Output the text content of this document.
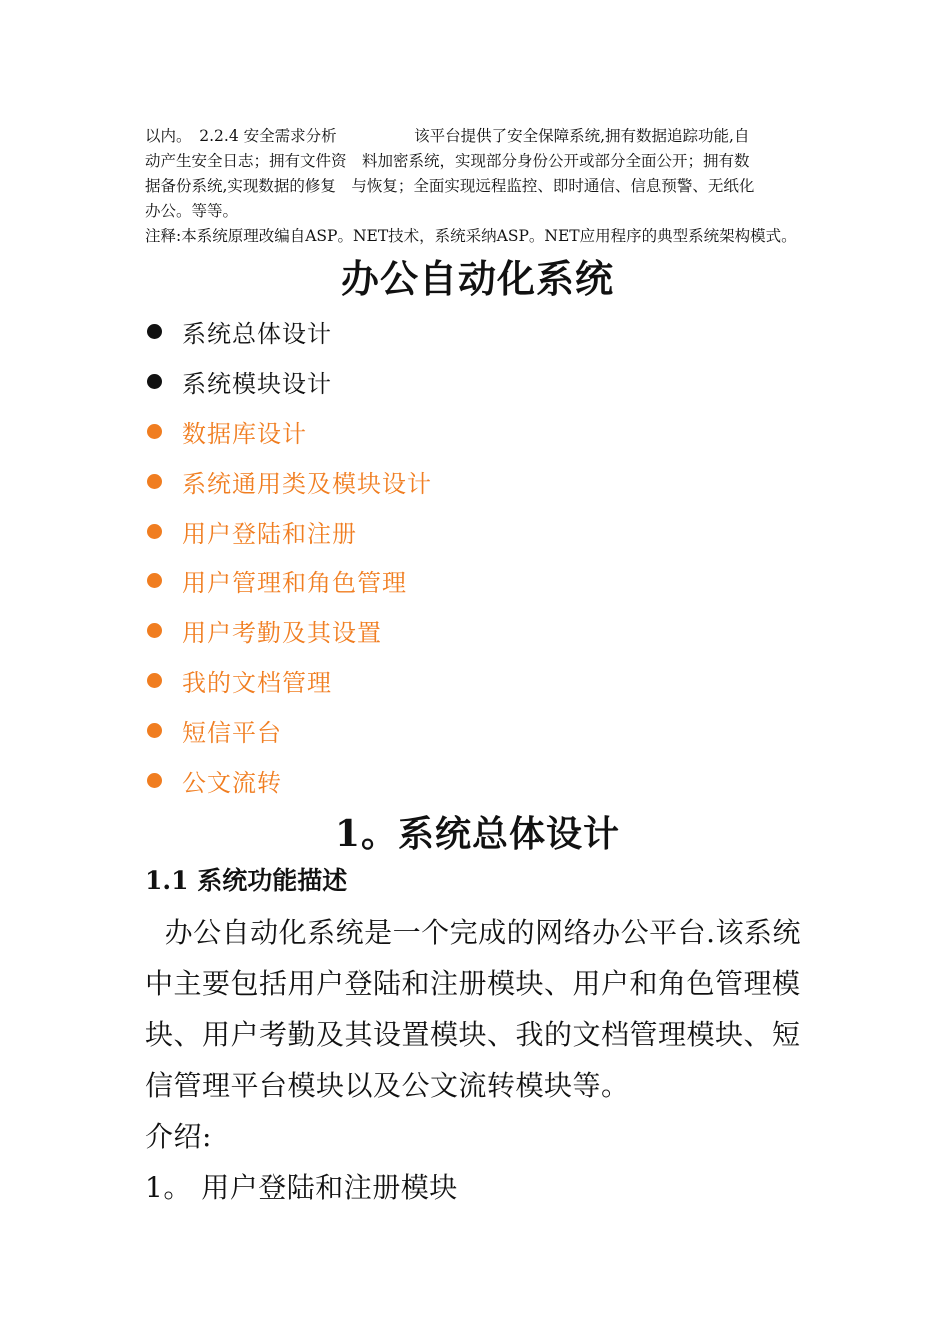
以内。　2.2.4 安全需求分析　　　　　该平台提供了安全保障系统,拥有数据追踪功能,自
动产生安全日志；拥有文件资　料加密系统，实现部分身份公开或部分全面公开；拥有数
据备份系统,实现数据的修复　与恢复；全面实现远程监控、即时通信、信息预警、无纸化
办公。等等。

注释:本系统原理改编自ASP。NET技术，系统采纳ASP。NET应用程序的典型系统架构模式。

办公自动化系统
系统总体设计
系统模块设计
数据库设计
系统通用类及模块设计
用户登陆和注册
用户管理和角色管理
用户考勤及其设置
我的文档管理
短信平台
公文流转
1。系统总体设计
1.1 系统功能描述

办公自动化系统是一个完成的网络办公平台.该系统中主要包括用户登陆和注册模块、用户和角色管理模块、用户考勤及其设置模块、我的文档管理模块、短信管理平台模块以及公文流转模块等。

介绍:

1。 用户登陆和注册模块
